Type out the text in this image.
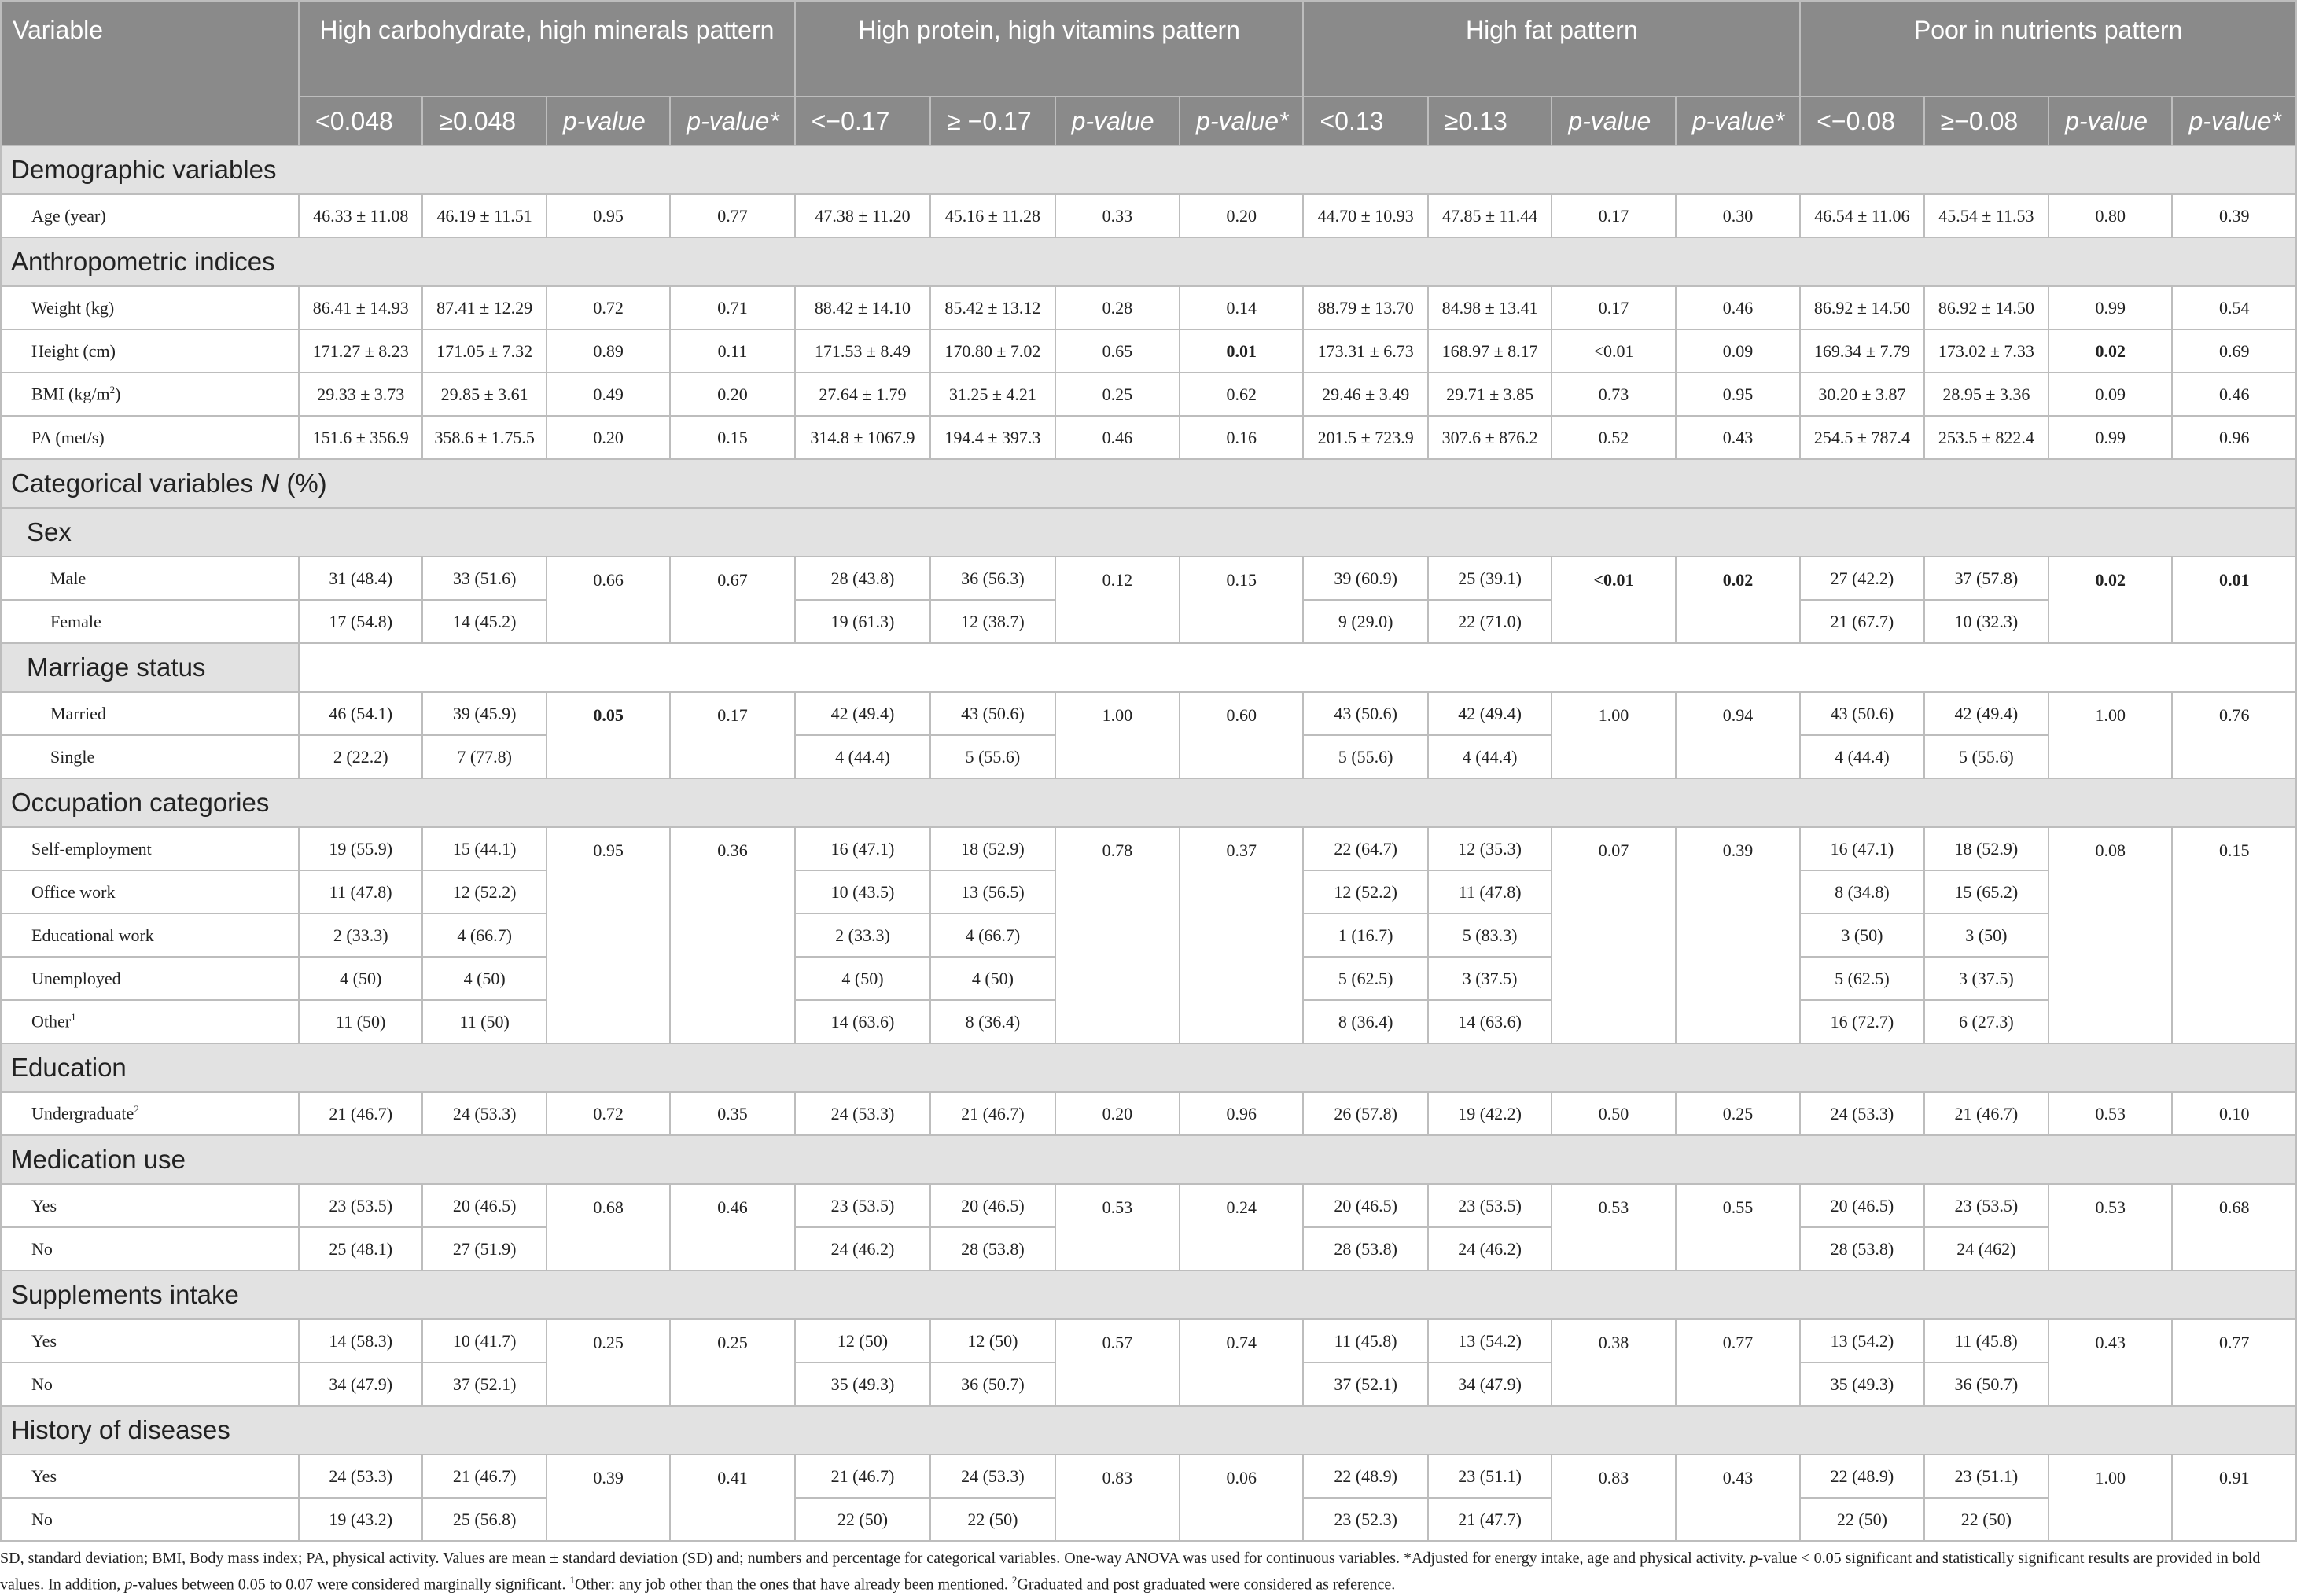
Variable	High carbohydrate, high minerals pattern				High protein, high vitamins pattern				High fat pattern				Poor in nutrients pattern			
	<0.048	≥0.048	p-value	p-value*	<−0.17	≥ −0.17	p-value	p-value*	<0.13	≥0.13	p-value	p-value*	<−0.08	≥−0.08	p-value	p-value*
Demographic variables																
Age (year)	46.33 ± 11.08	46.19 ± 11.51	0.95	0.77	47.38 ± 11.20	45.16 ± 11.28	0.33	0.20	44.70 ± 10.93	47.85 ± 11.44	0.17	0.30	46.54 ± 11.06	45.54 ± 11.53	0.80	0.39
Anthropometric indices																
Weight (kg)	86.41 ± 14.93	87.41 ± 12.29	0.72	0.71	88.42 ± 14.10	85.42 ± 13.12	0.28	0.14	88.79 ± 13.70	84.98 ± 13.41	0.17	0.46	86.92 ± 14.50	86.92 ± 14.50	0.99	0.54
Height (cm)	171.27 ± 8.23	171.05 ± 7.32	0.89	0.11	171.53 ± 8.49	170.80 ± 7.02	0.65	0.01	173.31 ± 6.73	168.97 ± 8.17	<0.01	0.09	169.34 ± 7.79	173.02 ± 7.33	0.02	0.69
BMI $(kg/m^2)$	29.33 ± 3.73	29.85 ± 3.61	0.49	0.20	27.64 ± 1.79	31.25 ± 4.21	0.25	0.62	29.46 ± 3.49	29.71 ± 3.85	0.73	0.95	30.20 ± 3.87	28.95 ± 3.36	0.09	0.46
PA (met/s)	151.6 ± 356.9	358.6 ± 1.75.5	0.20	0.15	314.8 ± 1067.9	194.4 ± 397.3	0.46	0.16	201.5 ± 723.9	307.6 ± 876.2	0.52	0.43	254.5 ± 787.4	253.5 ± 822.4	0.99	0.96
Categorical variables N (%)																
Sex																
Male	31 (48.4)	33 (51.6)	0.66	0.67	28 (43.8)	36 (56.3)	0.12	0.15	39 (60.9)	25 (39.1)	<0.01	0.02	27 (42.2)	37 (57.8)	0.02	0.01
Female	17 (54.8)	14 (45.2)			19 (61.3)	12 (38.7)			9 (29.0)	22 (71.0)			21 (67.7)	10 (32.3)		
Marriage status																
Married	46 (54.1)	39 (45.9)	0.05	0.17	42 (49.4)	43 (50.6)	1.00	0.60	43 (50.6)	42 (49.4)	1.00	0.94	43 (50.6)	42 (49.4)	1.00	0.76
Single	2 (22.2)	7 (77.8)			4 (44.4)	5 (55.6)			5 (55.6)	4 (44.4)			4 (44.4)	5 (55.6)		
Occupation categories																
Self-employment	19 (55.9)	15 (44.1)	0.95	0.36	16 (47.1)	18 (52.9)	0.78	0.37	22 (64.7)	12 (35.3)	0.07	0.39	16 (47.1)	18 (52.9)	0.08	0.15
Office work	11 (47.8)	12 (52.2)			10 (43.5)	13 (56.5)			12 (52.2)	11 (47.8)			8 (34.8)	15 (65.2)		
Educational work	2 (33.3)	4 (66.7)			2 (33.3)	4 (66.7)			1 (16.7)	5 (83.3)			3 (50)	3 (50)		
Unemployed	4 (50)	4 (50)			4 (50)	4 (50)			5 (62.5)	3 (37.5)			5 (62.5)	3 (37.5)		
Other$^1$	11 (50)	11 (50)			14 (63.6)	8 (36.4)			8 (36.4)	14 (63.6)			16 (72.7)	6 (27.3)		
Education																
Undergraduate$^2$	21 (46.7)	24 (53.3)	0.72	0.35	24 (53.3)	21 (46.7)	0.20	0.96	26 (57.8)	19 (42.2)	0.50	0.25	24 (53.3)	21 (46.7)	0.53	0.10
Medication use																
Yes	23 (53.5)	20 (46.5)	0.68	0.46	23 (53.5)	20 (46.5)	0.53	0.24	20 (46.5)	23 (53.5)	0.53	0.55	20 (46.5)	23 (53.5)	0.53	0.68
No	25 (48.1)	27 (51.9)			24 (46.2)	28 (53.8)			28 (53.8)	24 (46.2)			28 (53.8)	24 (462)		
Supplements intake																
Yes	14 (58.3)	10 (41.7)	0.25	0.25	12 (50)	12 (50)	0.57	0.74	11 (45.8)	13 (54.2)	0.38	0.77	13 (54.2)	11 (45.8)	0.43	0.77
No	34 (47.9)	37 (52.1)			35 (49.3)	36 (50.7)			37 (52.1)	34 (47.9)			35 (49.3)	36 (50.7)		
History of diseases																
Yes	24 (53.3)	21 (46.7)	0.39	0.41	21 (46.7)	24 (53.3)	0.83	0.06	22 (48.9)	23 (51.1)	0.83	0.43	22 (48.9)	23 (51.1)	1.00	0.91
No	19 (43.2)	25 (56.8)			22 (50)	22 (50)			23 (52.3)	21 (47.7)			22 (50)	22 (50)		
SD, standard deviation; BMI, Body mass index; PA, physical activity. Values are mean ± standard deviation (SD) and; numbers and percentage for categorical variables. One-way ANOVA was used for continuous variables. *Adjusted for energy intake, age and physical activity. p-value < 0.05 significant and statistically significant results are provided in bold values. In addition, p-values between 0.05 to 0.07 were considered marginally significant. $^1$Other: any job other than the ones that have already been mentioned. $^2$Graduated and post graduated were considered as reference.
